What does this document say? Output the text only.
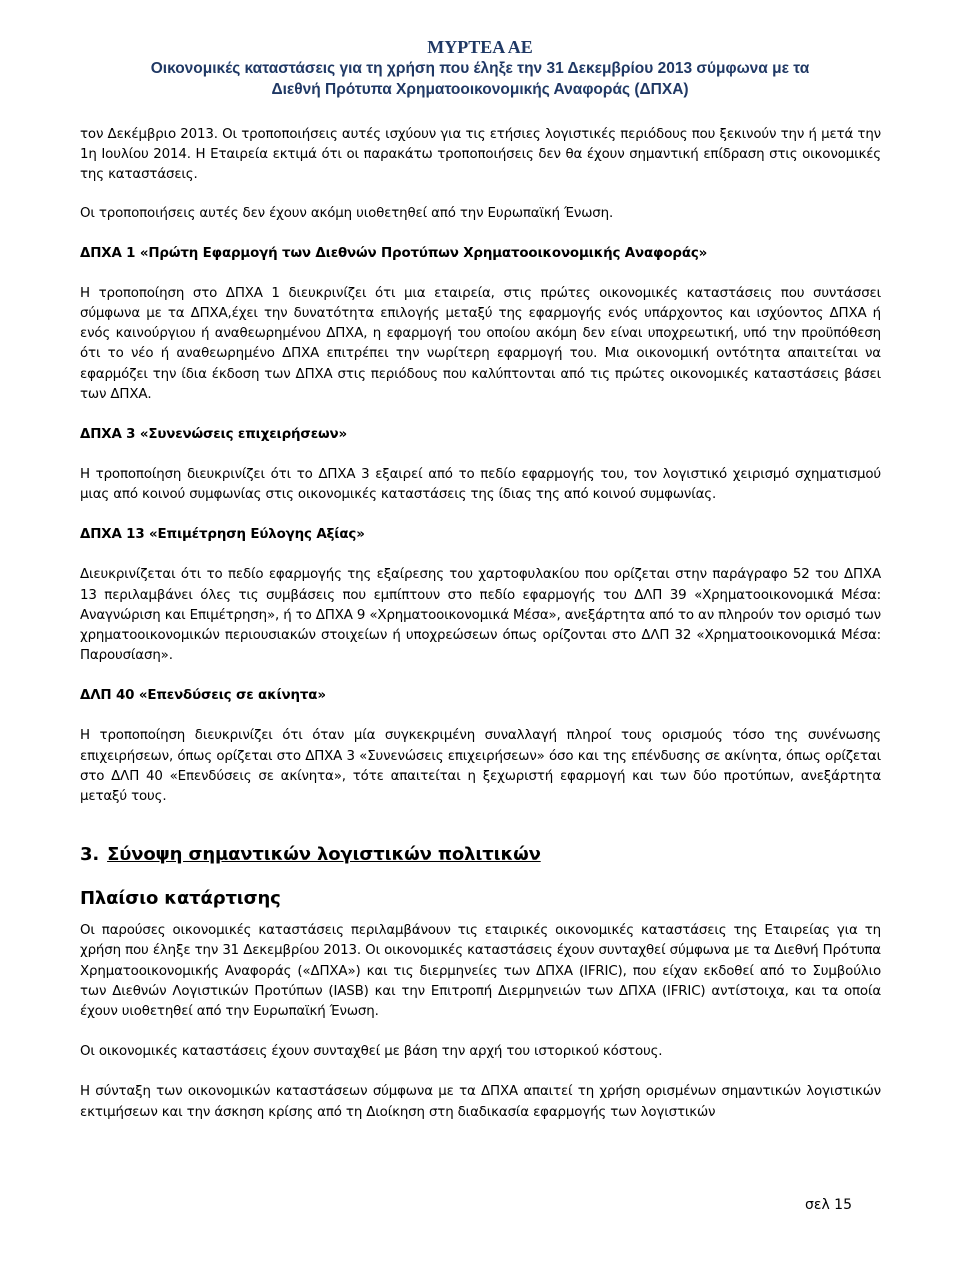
ΜΥΡΤΕΑ ΑΕ
Οικονομικές καταστάσεις για τη χρήση που έληξε την 31 Δεκεμβρίου 2013 σύμφωνα με τα
Διεθνή Πρότυπα Χρηματοοικονομικής Αναφοράς (ΔΠΧΑ)

τον Δεκέμβριο 2013. Οι τροποποιήσεις αυτές ισχύουν για τις ετήσιες λογιστικές περιόδους που ξεκινούν την ή μετά την 1η Ιουλίου 2014. Η Εταιρεία εκτιμά ότι οι παρακάτω τροποποιήσεις δεν θα έχουν σημαντική επίδραση στις οικονομικές της καταστάσεις.

Οι τροποποιήσεις αυτές δεν έχουν ακόμη υιοθετηθεί από την Ευρωπαϊκή Ένωση.

ΔΠΧΑ 1 «Πρώτη Εφαρμογή των Διεθνών Προτύπων Χρηματοοικονομικής Αναφοράς»

Η τροποποίηση στο ΔΠΧΑ 1 διευκρινίζει ότι μια εταιρεία, στις πρώτες οικονομικές καταστάσεις που συντάσσει σύμφωνα με τα ΔΠΧΑ,έχει την δυνατότητα επιλογής μεταξύ της εφαρμογής ενός υπάρχοντος και ισχύοντος ΔΠΧΑ ή ενός καινούργιου ή αναθεωρημένου ΔΠΧΑ, η εφαρμογή του οποίου ακόμη δεν είναι υποχρεωτική, υπό την προϋπόθεση ότι το νέο ή αναθεωρημένο ΔΠΧΑ επιτρέπει την νωρίτερη εφαρμογή του. Μια οικονομική οντότητα απαιτείται να εφαρμόζει την ίδια έκδοση των ΔΠΧΑ στις περιόδους που καλύπτονται από τις πρώτες οικονομικές καταστάσεις βάσει των ΔΠΧΑ.

ΔΠΧΑ 3 «Συνενώσεις επιχειρήσεων»

Η τροποποίηση διευκρινίζει ότι το ΔΠΧΑ 3 εξαιρεί από το πεδίο εφαρμογής του, τον λογιστικό χειρισμό σχηματισμού μιας από κοινού συμφωνίας στις οικονομικές καταστάσεις της ίδιας της από κοινού συμφωνίας.

ΔΠΧΑ 13 «Επιμέτρηση Εύλογης Αξίας»

Διευκρινίζεται ότι το πεδίο εφαρμογής της εξαίρεσης του χαρτοφυλακίου που ορίζεται στην παράγραφο 52 του ΔΠΧΑ 13 περιλαμβάνει όλες τις συμβάσεις που εμπίπτουν στο πεδίο εφαρμογής του ΔΛΠ 39 «Χρηματοοικονομικά Μέσα: Αναγνώριση και Επιμέτρηση», ή το ΔΠΧΑ 9 «Χρηματοοικονομικά Μέσα», ανεξάρτητα από το αν πληρούν τον ορισμό των χρηματοοικονομικών περιουσιακών στοιχείων ή υποχρεώσεων όπως ορίζονται στο ΔΛΠ 32 «Χρηματοοικονομικά Μέσα: Παρουσίαση».

ΔΛΠ 40 «Επενδύσεις σε ακίνητα»

Η τροποποίηση διευκρινίζει ότι όταν μία συγκεκριμένη συναλλαγή πληροί τους ορισμούς τόσο της συνένωσης επιχειρήσεων, όπως ορίζεται στο ΔΠΧΑ 3 «Συνενώσεις επιχειρήσεων» όσο και της επένδυσης σε ακίνητα, όπως ορίζεται στο ΔΛΠ 40 «Επενδύσεις σε ακίνητα», τότε απαιτείται η ξεχωριστή εφαρμογή και των δύο προτύπων, ανεξάρτητα μεταξύ τους.

3. Σύνοψη σημαντικών λογιστικών πολιτικών

Πλαίσιο κατάρτισης

Οι παρούσες οικονομικές καταστάσεις περιλαμβάνουν τις εταιρικές οικονομικές καταστάσεις της Εταιρείας για τη χρήση που έληξε την 31 Δεκεμβρίου 2013. Οι οικονομικές καταστάσεις έχουν συνταχθεί σύμφωνα με τα Διεθνή Πρότυπα Χρηματοοικονομικής Αναφοράς («ΔΠΧΑ») και τις διερμηνείες των ΔΠΧΑ (IFRIC), που είχαν εκδοθεί από το Συμβούλιο των Διεθνών Λογιστικών Προτύπων (IASB) και την Επιτροπή Διερμηνειών των ΔΠΧΑ (IFRIC) αντίστοιχα, και τα οποία έχουν υιοθετηθεί από την Ευρωπαϊκή Ένωση.

Οι οικονομικές καταστάσεις έχουν συνταχθεί με βάση την αρχή του ιστορικού κόστους.

Η σύνταξη των οικονομικών καταστάσεων σύμφωνα με τα ΔΠΧΑ απαιτεί τη χρήση ορισμένων σημαντικών λογιστικών εκτιμήσεων και την άσκηση κρίσης από τη Διοίκηση στη διαδικασία εφαρμογής των λογιστικών

σελ 15
